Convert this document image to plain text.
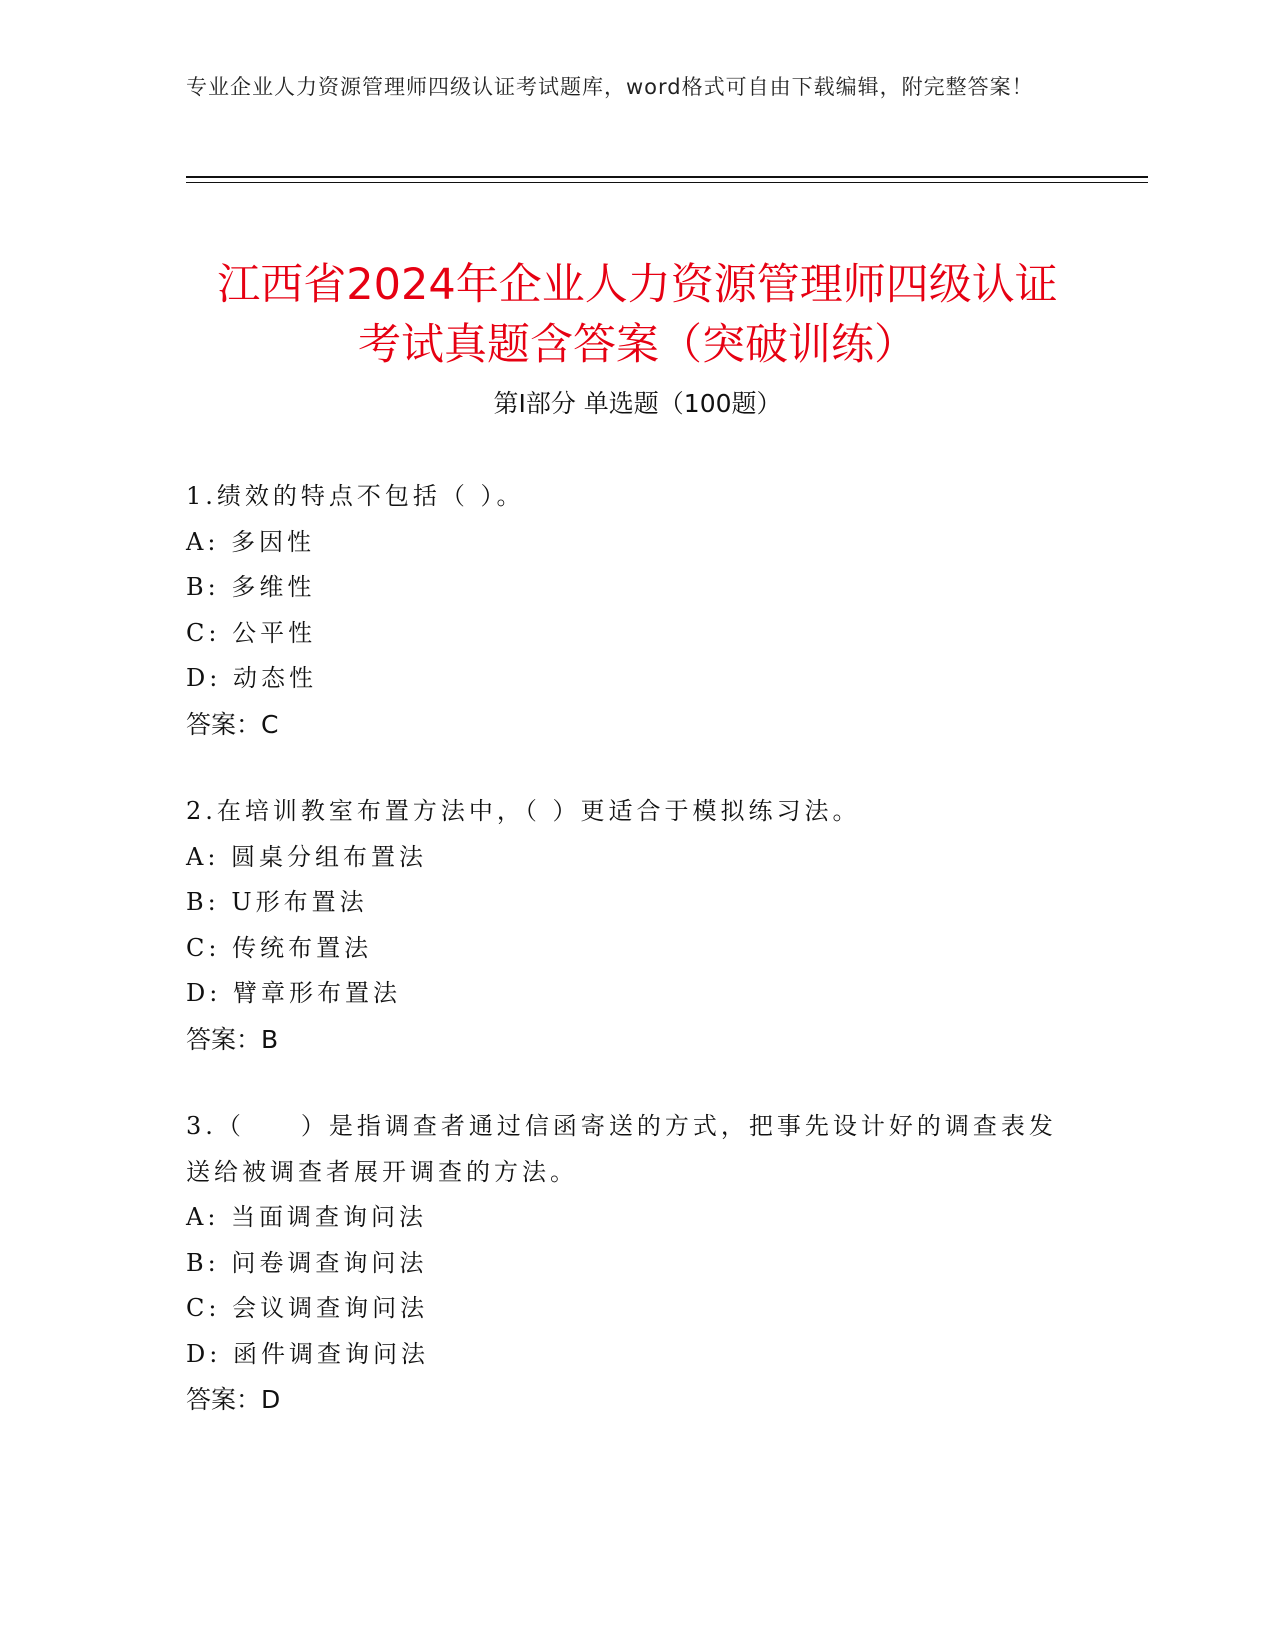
专业企业人力资源管理师四级认证考试题库，word格式可自由下载编辑，附完整答案！
江西省2024年企业人力资源管理师四级认证
考试真题含答案（突破训练）
第Ⅰ部分 单选题（100题）
1.绩效的特点不包括（ ）。
A: 多因性
B: 多维性
C: 公平性
D: 动态性
答案：C
2.在培训教室布置方法中，（ ）更适合于模拟练习法。
A: 圆桌分组布置法
B: U形布置法
C: 传统布置法
D: 臂章形布置法
答案：B
3.（　　）是指调查者通过信函寄送的方式，把事先设计好的调查表发送给被调查者展开调查的方法。
A: 当面调查询问法
B: 问卷调查询问法
C: 会议调查询问法
D: 函件调查询问法
答案：D
